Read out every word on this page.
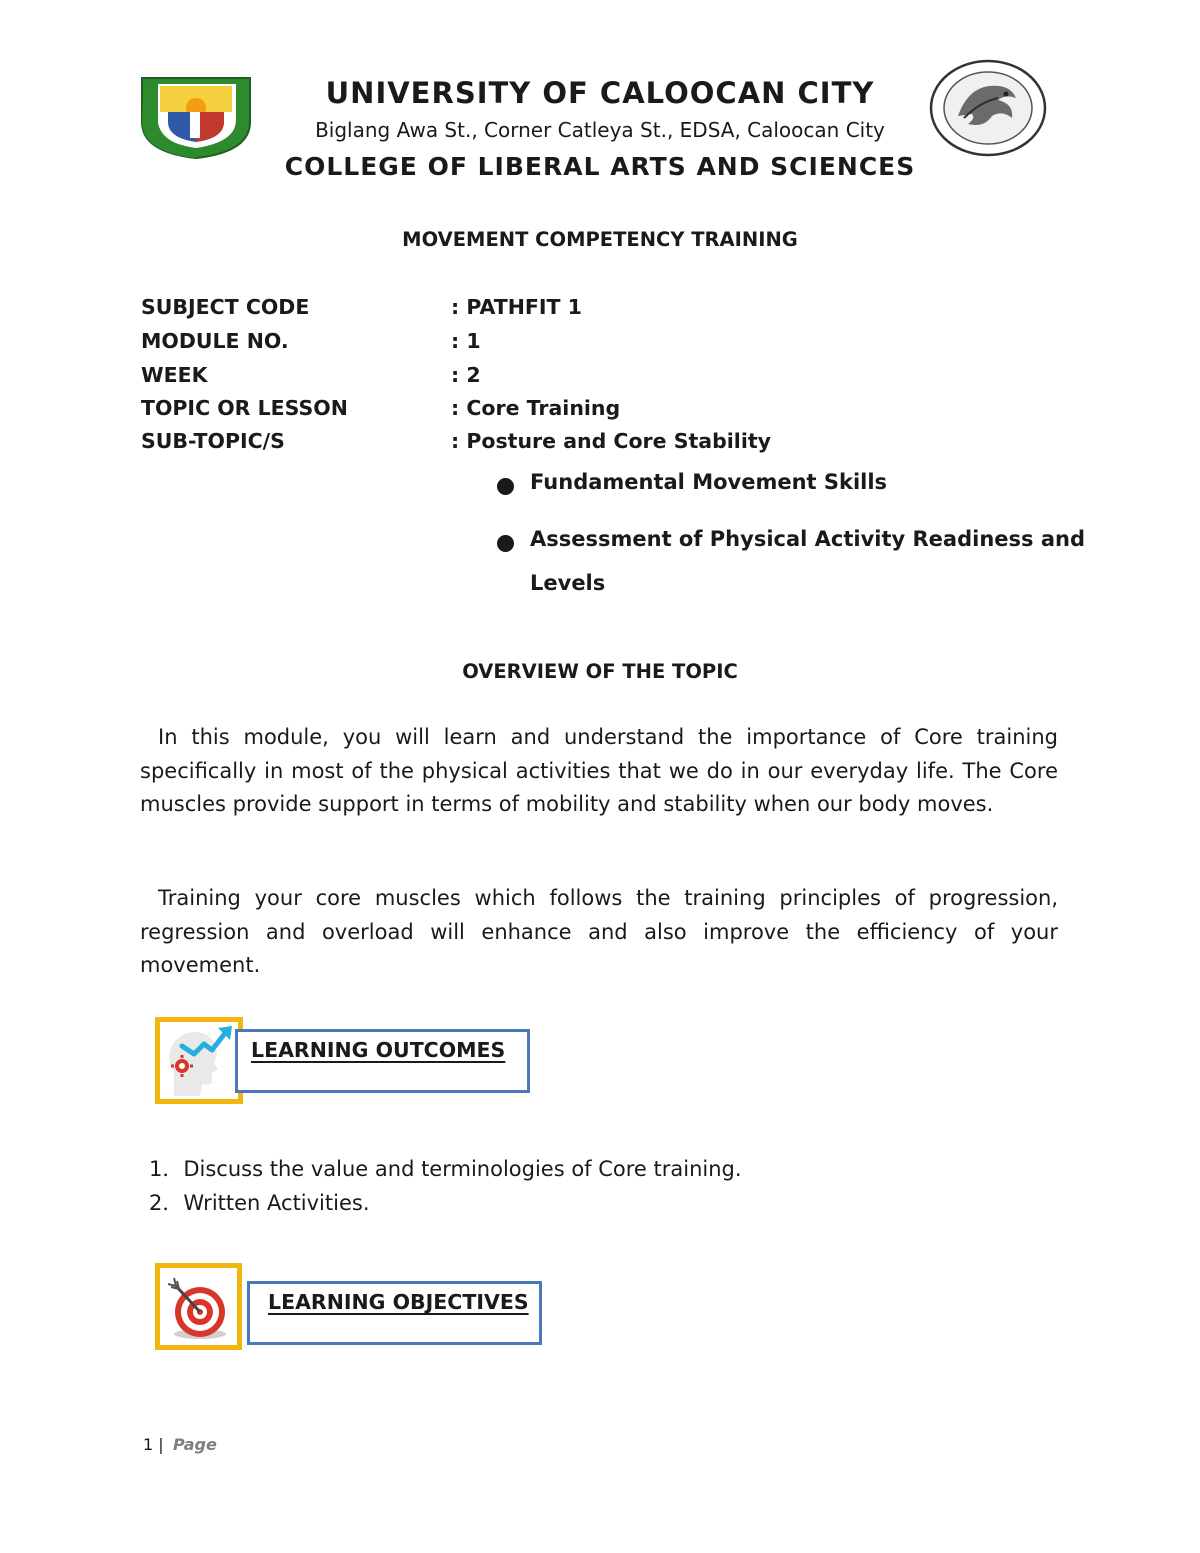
UNIVERSITY OF CALOOCAN CITY
Biglang Awa St., Corner Catleya St., EDSA, Caloocan City
COLLEGE OF LIBERAL ARTS AND SCIENCES
MOVEMENT COMPETENCY TRAINING
SUBJECT CODE	: PATHFIT 1
MODULE NO.	: 1
WEEK	: 2
TOPIC OR LESSON	: Core Training
SUB-TOPIC/S	: Posture and Core Stability
Fundamental Movement Skills
Assessment of Physical Activity Readiness and
Levels
OVERVIEW OF THE TOPIC
In this module, you will learn and understand the importance of Core training specifically in most of the physical activities that we do in our everyday life. The Core muscles provide support in terms of mobility and stability when our body moves.
Training your core muscles which follows the training principles of progression, regression and overload will enhance and also improve the efficiency of your movement.
LEARNING OUTCOMES
1．Discuss the value and terminologies of Core training.
2．Written Activities.
LEARNING OBJECTIVES
1 | Page
